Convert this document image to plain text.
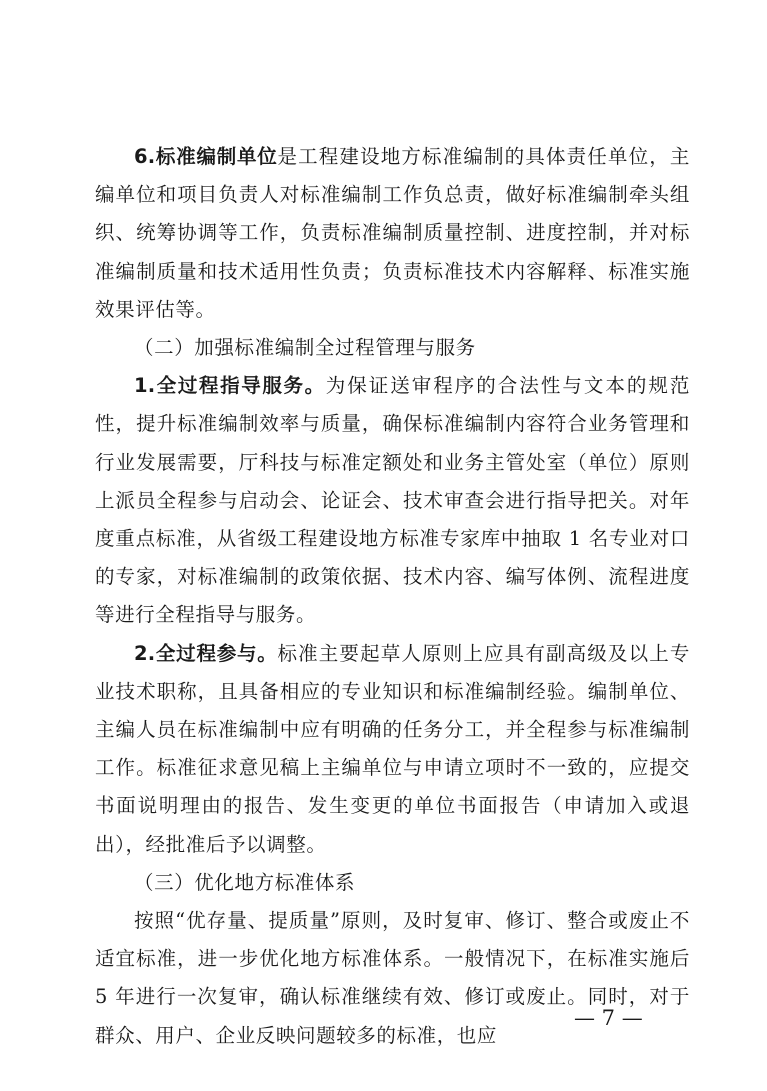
6.标准编制单位是工程建设地方标准编制的具体责任单位，主编单位和项目负责人对标准编制工作负总责，做好标准编制牵头组织、统筹协调等工作，负责标准编制质量控制、进度控制，并对标准编制质量和技术适用性负责；负责标准技术内容解释、标准实施效果评估等。

（二）加强标准编制全过程管理与服务

1.全过程指导服务。为保证送审程序的合法性与文本的规范性，提升标准编制效率与质量，确保标准编制内容符合业务管理和行业发展需要，厅科技与标准定额处和业务主管处室（单位）原则上派员全程参与启动会、论证会、技术审查会进行指导把关。对年度重点标准，从省级工程建设地方标准专家库中抽取 1 名专业对口的专家，对标准编制的政策依据、技术内容、编写体例、流程进度等进行全程指导与服务。

2.全过程参与。标准主要起草人原则上应具有副高级及以上专业技术职称，且具备相应的专业知识和标准编制经验。编制单位、主编人员在标准编制中应有明确的任务分工，并全程参与标准编制工作。标准征求意见稿上主编单位与申请立项时不一致的，应提交书面说明理由的报告、发生变更的单位书面报告（申请加入或退出），经批准后予以调整。

（三）优化地方标准体系

按照“优存量、提质量”原则，及时复审、修订、整合或废止不适宜标准，进一步优化地方标准体系。一般情况下，在标准实施后 5 年进行一次复审，确认标准继续有效、修订或废止。同时，对于群众、用户、企业反映问题较多的标准，也应

— 7 —
